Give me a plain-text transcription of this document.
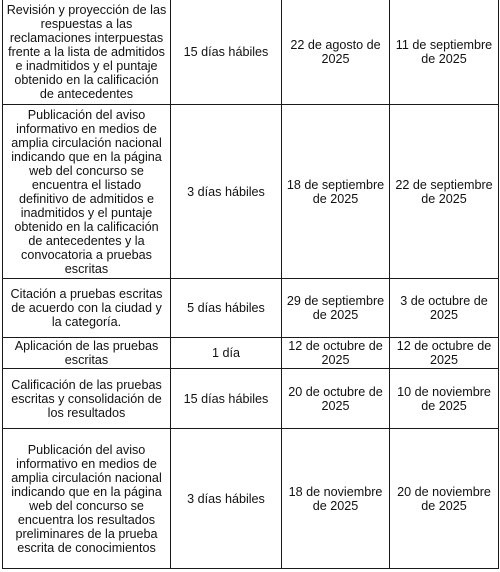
Revisión y proyección de las respuestas a las reclamaciones interpuestas frente a la lista de admitidos e inadmitidos y el puntaje obtenido en la calificación de antecedentes	15 días hábiles	22 de agosto de 2025	11 de septiembre de 2025
Publicación del aviso informativo en medios de amplia circulación nacional indicando que en la página web del concurso se encuentra el listado definitivo de admitidos e inadmitidos y el puntaje obtenido en la calificación de antecedentes y la convocatoria a pruebas escritas	3 días hábiles	18 de septiembre de 2025	22 de septiembre de 2025
Citación a pruebas escritas de acuerdo con la ciudad y la categoría.	5 días hábiles	29 de septiembre de 2025	3 de octubre de 2025
Aplicación de las pruebas escritas	1 día	12 de octubre de 2025	12 de octubre de 2025
Calificación de las pruebas escritas y consolidación de los resultados	15 días hábiles	20 de octubre de 2025	10 de noviembre de 2025
Publicación del aviso informativo en medios de amplia circulación nacional indicando que en la página web del concurso se encuentra los resultados preliminares de la prueba escrita de conocimientos	3 días hábiles	18 de noviembre de 2025	20 de noviembre de 2025
